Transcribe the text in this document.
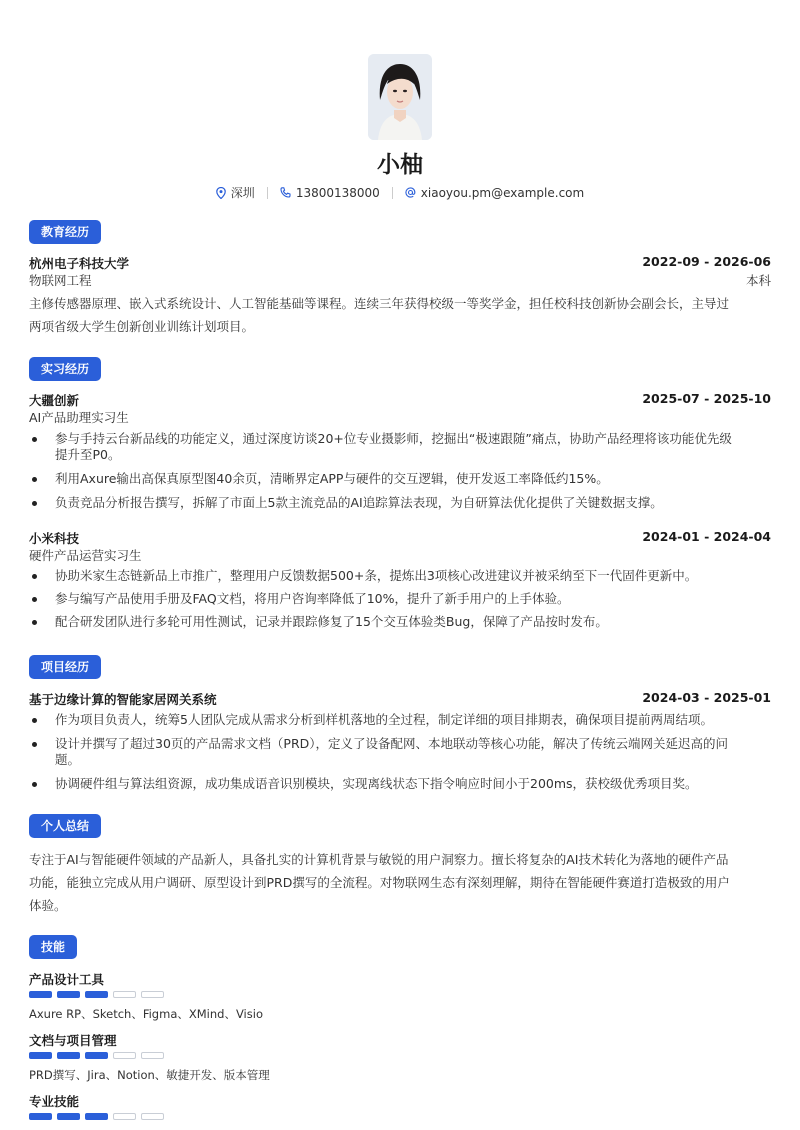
小柚
深圳	13800138000	xiaoyou.pm@example.com
教育经历
杭州电子科技大学	2022-09 - 2026-06
物联网工程	本科
主修传感器原理、嵌入式系统设计、人工智能基础等课程。连续三年获得校级一等奖学金，担任校科技创新协会副会长，主导过
两项省级大学生创新创业训练计划项目。
实习经历
大疆创新	2025-07 - 2025-10
AI产品助理实习生
参与手持云台新品线的功能定义，通过深度访谈20+位专业摄影师，挖掘出“极速跟随”痛点，协助产品经理将该功能优先级
提升至P0。
利用Axure输出高保真原型图40余页，清晰界定APP与硬件的交互逻辑，使开发返工率降低约15%。
负责竞品分析报告撰写，拆解了市面上5款主流竞品的AI追踪算法表现，为自研算法优化提供了关键数据支撑。
小米科技	2024-01 - 2024-04
硬件产品运营实习生
协助米家生态链新品上市推广，整理用户反馈数据500+条，提炼出3项核心改进建议并被采纳至下一代固件更新中。
参与编写产品使用手册及FAQ文档，将用户咨询率降低了10%，提升了新手用户的上手体验。
配合研发团队进行多轮可用性测试，记录并跟踪修复了15个交互体验类Bug，保障了产品按时发布。
项目经历
基于边缘计算的智能家居网关系统	2024-03 - 2025-01
作为项目负责人，统筹5人团队完成从需求分析到样机落地的全过程，制定详细的项目排期表，确保项目提前两周结项。
设计并撰写了超过30页的产品需求文档（PRD），定义了设备配网、本地联动等核心功能，解决了传统云端网关延迟高的问
题。
协调硬件组与算法组资源，成功集成语音识别模块，实现离线状态下指令响应时间小于200ms，获校级优秀项目奖。
个人总结
专注于AI与智能硬件领域的产品新人，具备扎实的计算机背景与敏锐的用户洞察力。擅长将复杂的AI技术转化为落地的硬件产品
功能，能独立完成从用户调研、原型设计到PRD撰写的全流程。对物联网生态有深刻理解，期待在智能硬件赛道打造极致的用户
体验。
技能
产品设计工具
Axure RP、Sketch、Figma、XMind、Visio
文档与项目管理
PRD撰写、Jira、Notion、敏捷开发、版本管理
专业技能
